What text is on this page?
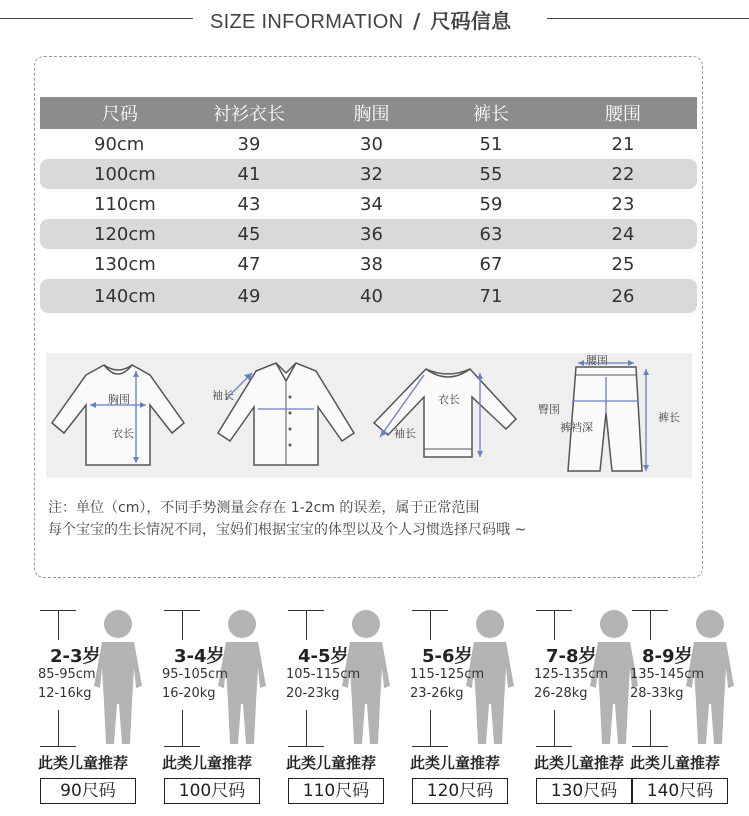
SIZE INFORMATION / 尺码信息
尺码	衬衫衣长	胸围	裤长	腰围
90cm	39	30	51	21
100cm	41	32	55	22
110cm	43	34	59	23
120cm	45	36	63	24
130cm	47	38	67	25
140cm	49	40	71	26
胸围
衣长
袖长	衣长
袖长
腰围
臀围
裤裆深
裤长
注：单位（cm），不同手势测量会存在 1-2cm 的误差，属于正常范围
每个宝宝的生长情况不同，宝妈们根据宝宝的体型以及个人习惯选择尺码哦 ~
2-3岁
85-95cm
12-16kg
此类儿童推荐
90尺码
3-4岁
95-105cm
16-20kg
此类儿童推荐
100尺码
4-5岁
105-115cm
20-23kg
此类儿童推荐
110尺码
5-6岁
115-125cm
23-26kg
此类儿童推荐
120尺码
7-8岁
125-135cm
26-28kg
此类儿童推荐
130尺码
8-9岁
135-145cm
28-33kg
此类儿童推荐
140尺码
